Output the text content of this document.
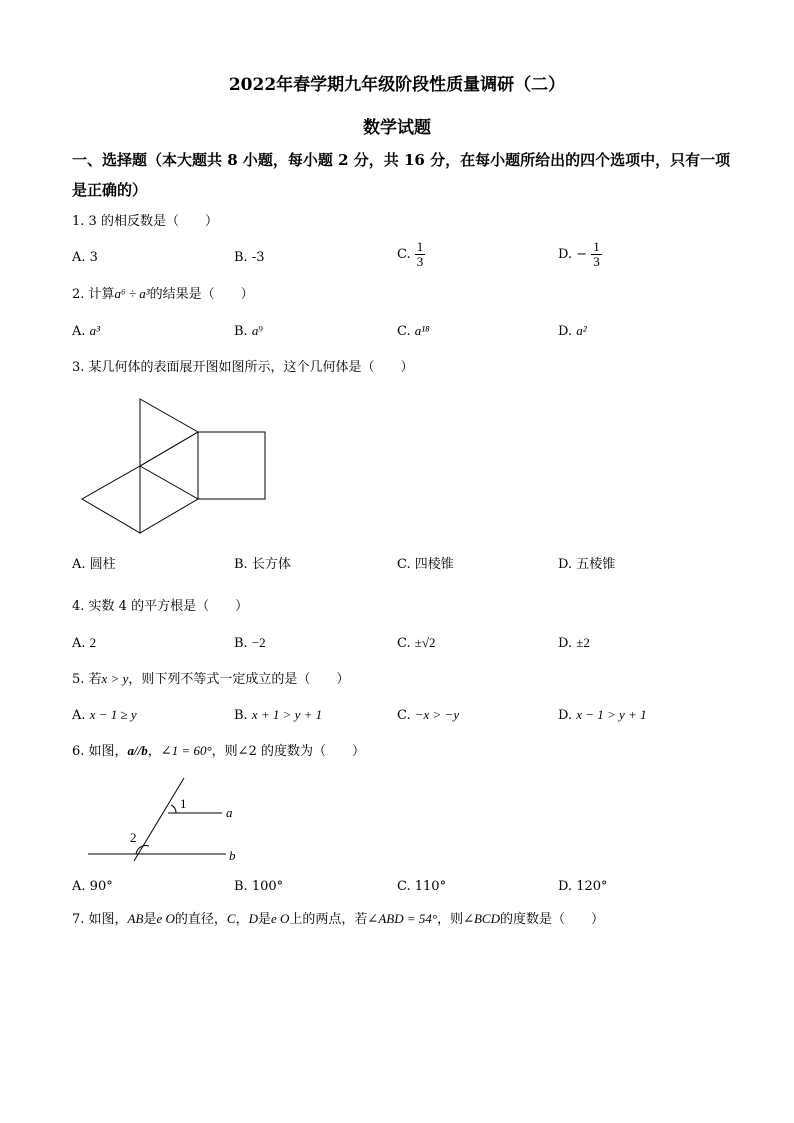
2022年春学期九年级阶段性质量调研（二）
数学试题
一、选择题（本大题共 8 小题，每小题 2 分，共 16 分，在每小题所给出的四个选项中，只有一项是正确的）
1. 3 的相反数是（　　）
A. 3	B. -3	C. $\frac{1}{3}$	D. − $\frac{1}{3}$
2. 计算a⁶ ÷ a³的结果是（　　）
A. a³	B. a⁹	C. a¹⁸	D. a²
3. 某几何体的表面展开图如图所示，这个几何体是（　　）
A. 圆柱	B. 长方体	C. 四棱锥	D. 五棱锥
4. 实数 4 的平方根是（　　）
A. 2	B. −2	C. ±√2	D. ±2
5. 若x > y，则下列不等式一定成立的是（　　）
A. x − 1 ≥ y	B. x + 1 > y + 1	C. −x > −y	D. x − 1 > y + 1
6. 如图，a//b，∠1 = 60°，则∠2 的度数为（　　）
1
2
a
b
A. 90°	B. 100°	C. 110°	D. 120°
7. 如图，AB是e O的直径，C，D是e O上的两点，若∠ABD = 54°，则∠BCD的度数是（　　）
